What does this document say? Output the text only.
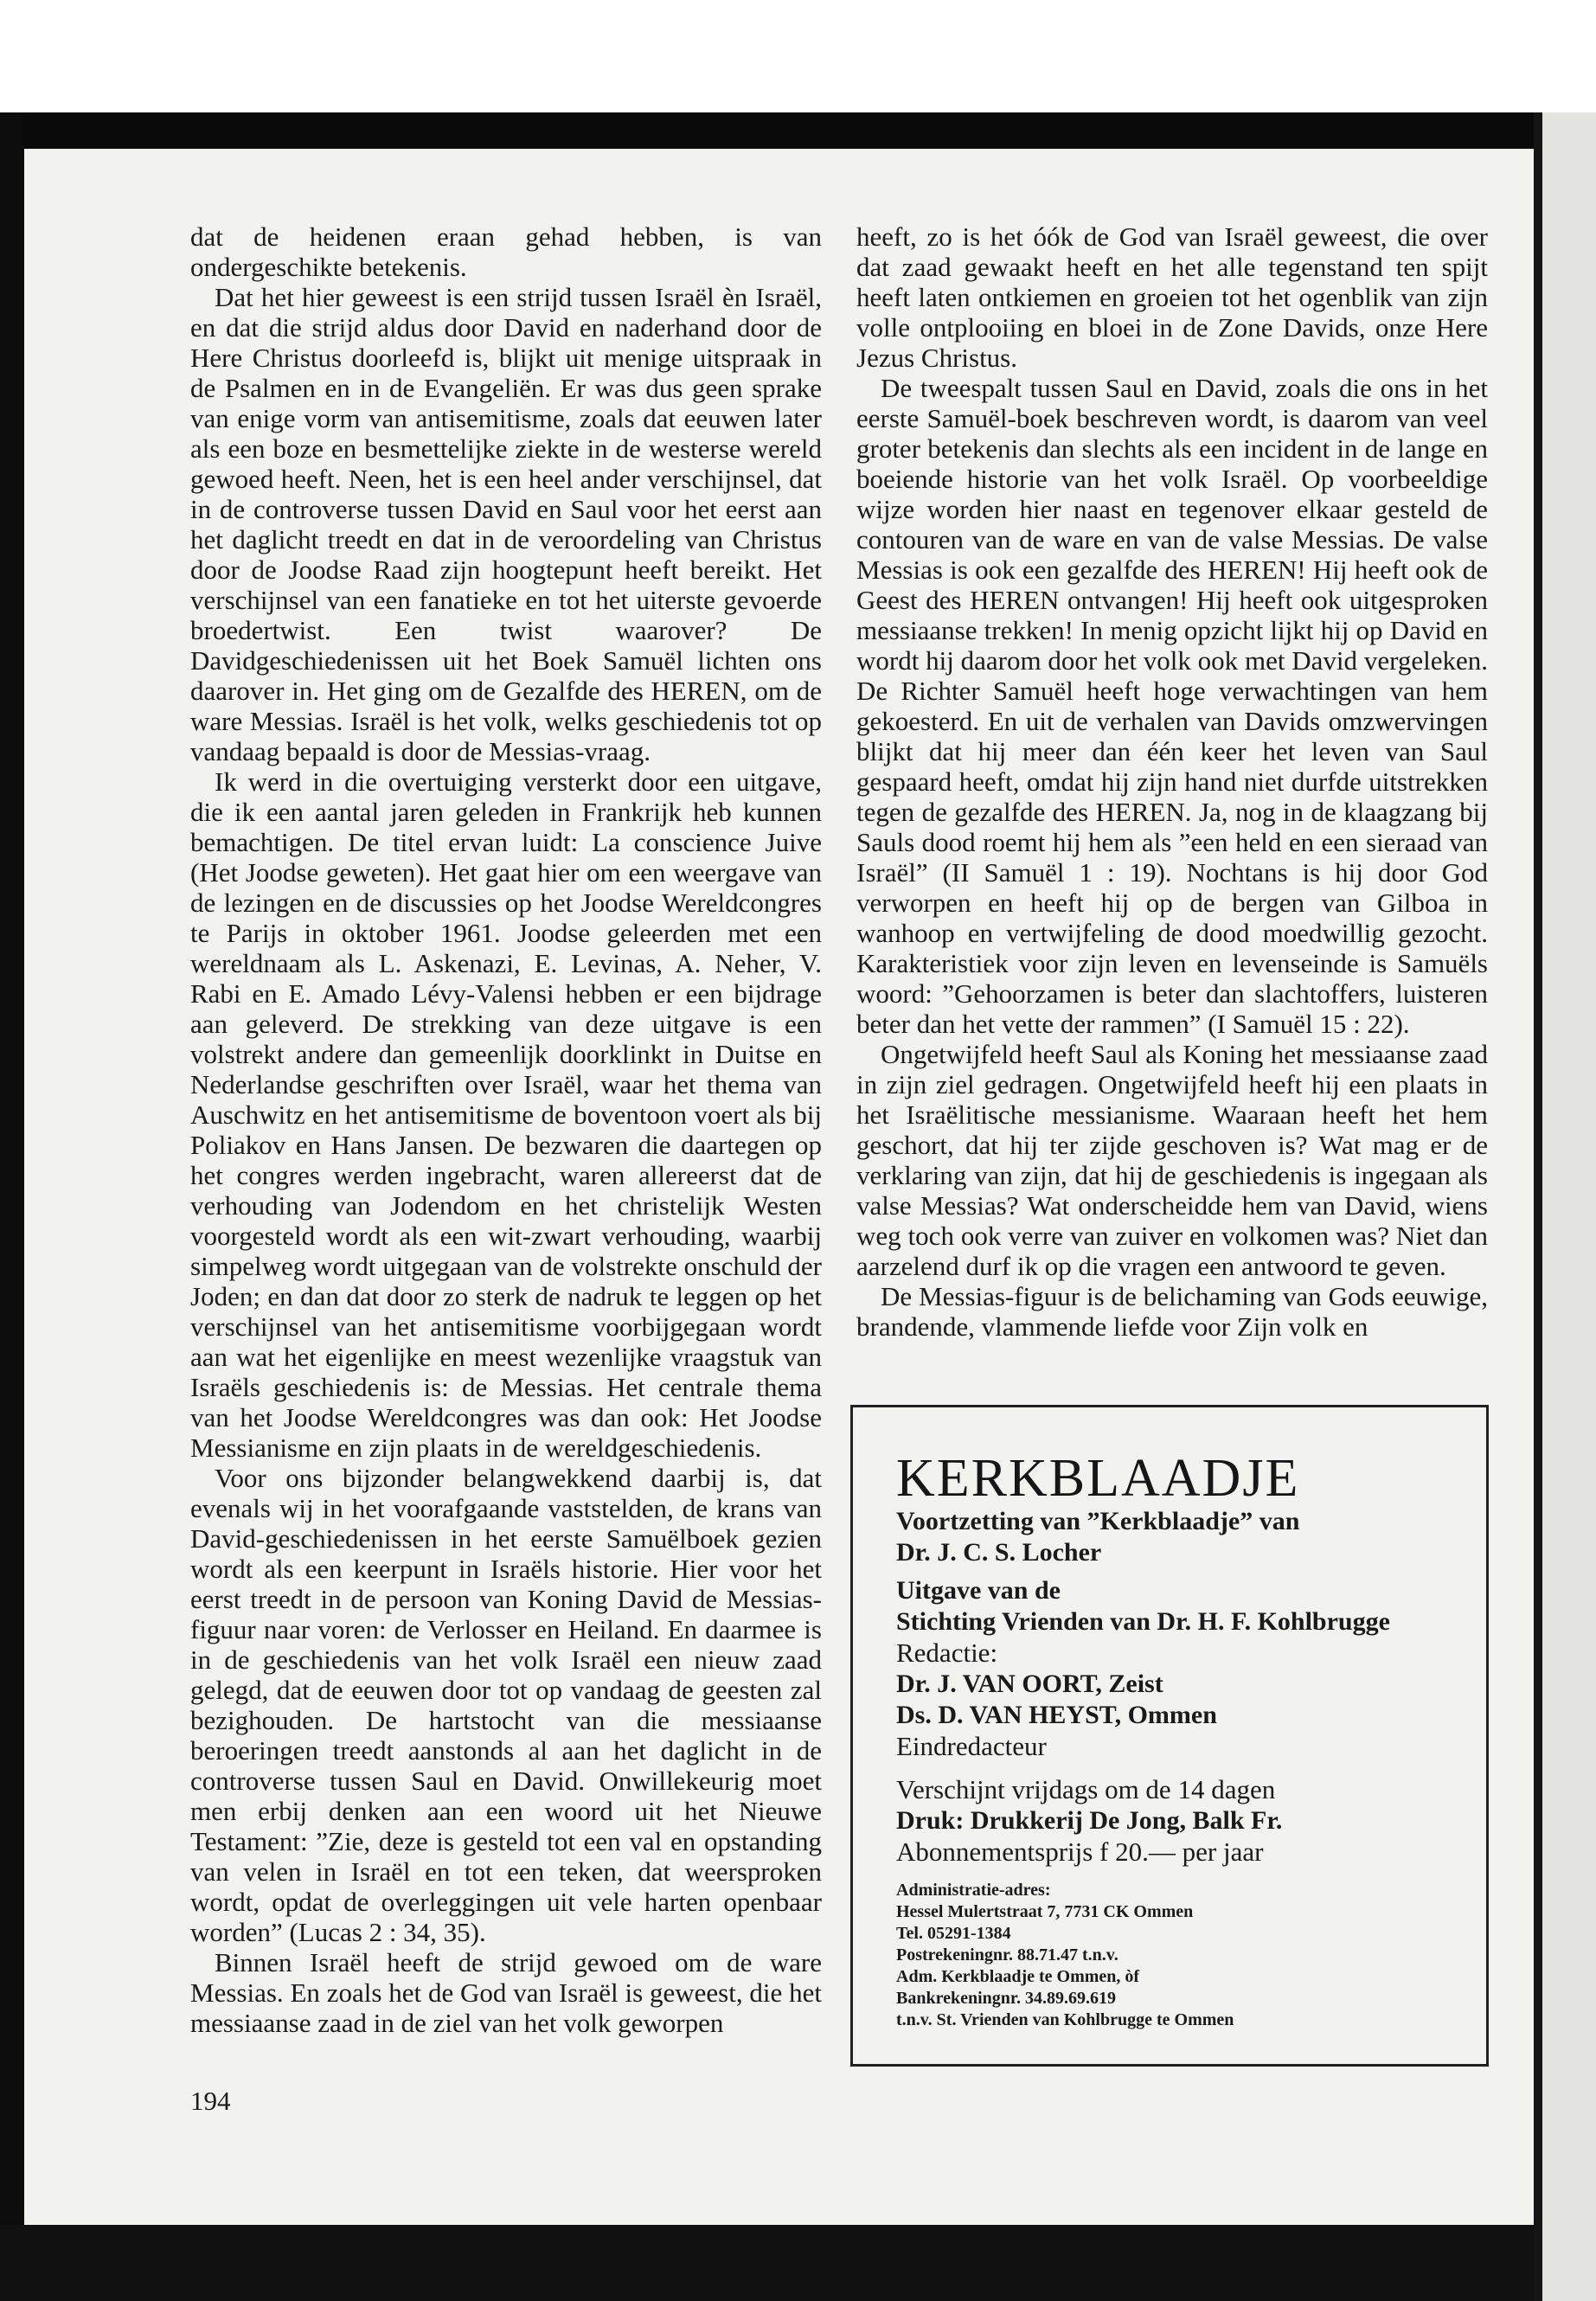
dat de heidenen eraan gehad hebben, is van ondergeschikte betekenis.

Dat het hier geweest is een strijd tussen Israël èn Israël, en dat die strijd aldus door David en naderhand door de Here Christus doorleefd is, blijkt uit menige uitspraak in de Psalmen en in de Evangeliën. Er was dus geen sprake van enige vorm van antisemitisme, zoals dat eeuwen later als een boze en besmettelijke ziekte in de westerse wereld gewoed heeft. Neen, het is een heel ander verschijnsel, dat in de controverse tussen David en Saul voor het eerst aan het daglicht treedt en dat in de veroordeling van Christus door de Joodse Raad zijn hoogtepunt heeft bereikt. Het verschijnsel van een fanatieke en tot het uiterste gevoerde broedertwist. Een twist waarover? De Davidgeschiedenissen uit het Boek Samuël lichten ons daarover in. Het ging om de Gezalfde des HEREN, om de ware Messias. Israël is het volk, welks geschiedenis tot op vandaag bepaald is door de Messias-vraag.

Ik werd in die overtuiging versterkt door een uitgave, die ik een aantal jaren geleden in Frankrijk heb kunnen bemachtigen. De titel ervan luidt: La conscience Juive (Het Joodse geweten). Het gaat hier om een weergave van de lezingen en de discussies op het Joodse Wereldcongres te Parijs in oktober 1961. Joodse geleerden met een wereldnaam als L. Askenazi, E. Levinas, A. Neher, V. Rabi en E. Amado Lévy-Valensi hebben er een bijdrage aan geleverd. De strekking van deze uitgave is een volstrekt andere dan gemeenlijk doorklinkt in Duitse en Nederlandse geschriften over Israël, waar het thema van Auschwitz en het antisemitisme de boventoon voert als bij Poliakov en Hans Jansen. De bezwaren die daartegen op het congres werden ingebracht, waren allereerst dat de verhouding van Jodendom en het christelijk Westen voorgesteld wordt als een wit-zwart verhouding, waarbij simpelweg wordt uitgegaan van de volstrekte onschuld der Joden; en dan dat door zo sterk de nadruk te leggen op het verschijnsel van het antisemitisme voorbijgegaan wordt aan wat het eigenlijke en meest wezenlijke vraagstuk van Israëls geschiedenis is: de Messias. Het centrale thema van het Joodse Wereldcongres was dan ook: Het Joodse Messianisme en zijn plaats in de wereldgeschiedenis.

Voor ons bijzonder belangwekkend daarbij is, dat evenals wij in het voorafgaande vaststelden, de krans van David-geschiedenissen in het eerste Samuëlboek gezien wordt als een keerpunt in Israëls historie. Hier voor het eerst treedt in de persoon van Koning David de Messias-figuur naar voren: de Verlosser en Heiland. En daarmee is in de geschiedenis van het volk Israël een nieuw zaad gelegd, dat de eeuwen door tot op vandaag de geesten zal bezighouden. De hartstocht van die messiaanse beroeringen treedt aanstonds al aan het daglicht in de controverse tussen Saul en David. Onwillekeurig moet men erbij denken aan een woord uit het Nieuwe Testament: ”Zie, deze is gesteld tot een val en opstanding van velen in Israël en tot een teken, dat weersproken wordt, opdat de overleggingen uit vele harten openbaar worden” (Lucas 2 : 34, 35).

Binnen Israël heeft de strijd gewoed om de ware Messias. En zoals het de God van Israël is geweest, die het messiaanse zaad in de ziel van het volk geworpen

194

heeft, zo is het óók de God van Israël geweest, die over dat zaad gewaakt heeft en het alle tegenstand ten spijt heeft laten ontkiemen en groeien tot het ogenblik van zijn volle ontplooiing en bloei in de Zone Davids, onze Here Jezus Christus.

De tweespalt tussen Saul en David, zoals die ons in het eerste Samuël-boek beschreven wordt, is daarom van veel groter betekenis dan slechts als een incident in de lange en boeiende historie van het volk Israël. Op voorbeeldige wijze worden hier naast en tegenover elkaar gesteld de contouren van de ware en van de valse Messias. De valse Messias is ook een gezalfde des HEREN! Hij heeft ook de Geest des HEREN ontvangen! Hij heeft ook uitgesproken messiaanse trekken! In menig opzicht lijkt hij op David en wordt hij daarom door het volk ook met David vergeleken. De Richter Samuël heeft hoge verwachtingen van hem gekoesterd. En uit de verhalen van Davids omzwervingen blijkt dat hij meer dan één keer het leven van Saul gespaard heeft, omdat hij zijn hand niet durfde uitstrekken tegen de gezalfde des HEREN. Ja, nog in de klaagzang bij Sauls dood roemt hij hem als ”een held en een sieraad van Israël” (II Samuël 1 : 19). Nochtans is hij door God verworpen en heeft hij op de bergen van Gilboa in wanhoop en vertwijfeling de dood moedwillig gezocht. Karakteristiek voor zijn leven en levenseinde is Samuëls woord: ”Gehoorzamen is beter dan slachtoffers, luisteren beter dan het vette der rammen” (I Samuël 15 : 22).

Ongetwijfeld heeft Saul als Koning het messiaanse zaad in zijn ziel gedragen. Ongetwijfeld heeft hij een plaats in het Israëlitische messianisme. Waaraan heeft het hem geschort, dat hij ter zijde geschoven is? Wat mag er de verklaring van zijn, dat hij de geschiedenis is ingegaan als valse Messias? Wat onderscheidde hem van David, wiens weg toch ook verre van zuiver en volkomen was? Niet dan aarzelend durf ik op die vragen een antwoord te geven.

De Messias-figuur is de belichaming van Gods eeuwige, brandende, vlammende liefde voor Zijn volk en

KERKBLAADJE
Voortzetting van ”Kerkblaadje” van
Dr. J. C. S. Locher
Uitgave van de
Stichting Vrienden van Dr. H. F. Kohlbrugge
Redactie:
Dr. J. VAN OORT, Zeist
Ds. D. VAN HEYST, Ommen
Eindredacteur
Verschijnt vrijdags om de 14 dagen
Druk: Drukkerij De Jong, Balk Fr.
Abonnementsprijs f 20.— per jaar
Administratie-adres:
Hessel Mulertstraat 7, 7731 CK Ommen
Tel. 05291-1384
Postrekeningnr. 88.71.47 t.n.v.
Adm. Kerkblaadje te Ommen, òf
Bankrekeningnr. 34.89.69.619
t.n.v. St. Vrienden van Kohlbrugge te Ommen
